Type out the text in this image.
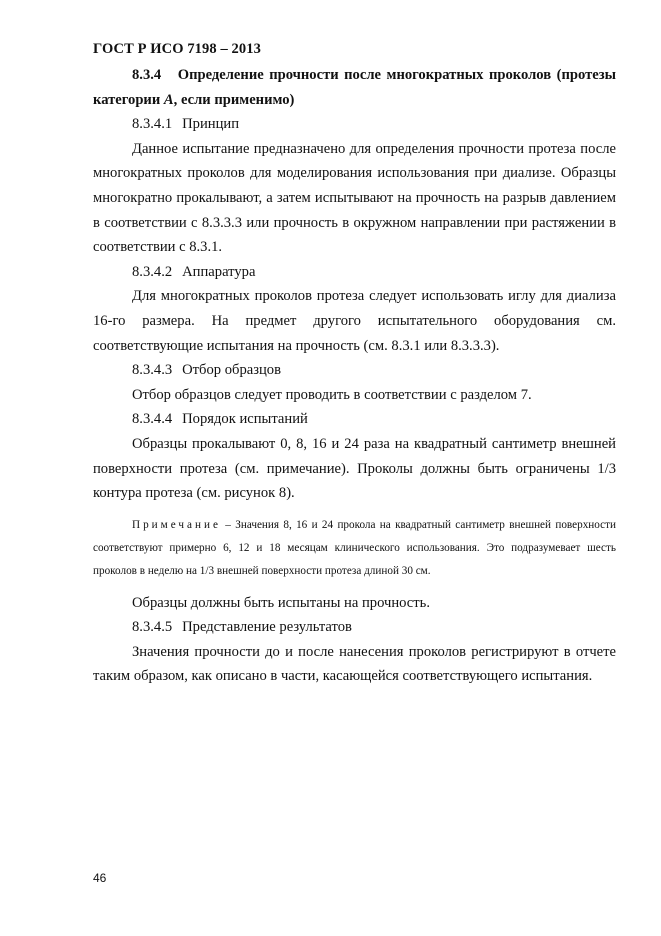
ГОСТ Р ИСО 7198 – 2013

8.3.4 Определение прочности после многократных проколов (протезы категории A, если применимо)

8.3.4.1 Принцип

Данное испытание предназначено для определения прочности протеза после многократных проколов для моделирования использования при диализе. Образцы многократно прокалывают, а затем испытывают на прочность на разрыв давлением в соответствии с 8.3.3.3 или прочность в окружном направлении при растяжении в соответствии с 8.3.1.

8.3.4.2 Аппаратура

Для многократных проколов протеза следует использовать иглу для диализа 16-го размера. На предмет другого испытательного оборудования см. соответствующие испытания на прочность (см. 8.3.1 или 8.3.3.3).

8.3.4.3 Отбор образцов

Отбор образцов следует проводить в соответствии с разделом 7.

8.3.4.4 Порядок испытаний

Образцы прокалывают 0, 8, 16 и 24 раза на квадратный сантиметр внешней поверхности протеза (см. примечание). Проколы должны быть ограничены 1/3 контура протеза (см. рисунок 8).

Примечание – Значения 8, 16 и 24 прокола на квадратный сантиметр внешней поверхности соответствуют примерно 6, 12 и 18 месяцам клинического использования. Это подразумевает шесть проколов в неделю на 1/3 внешней поверхности протеза длиной 30 см.

Образцы должны быть испытаны на прочность.

8.3.4.5 Представление результатов

Значения прочности до и после нанесения проколов регистрируют в отчете таким образом, как описано в части, касающейся соответствующего испытания.

46
